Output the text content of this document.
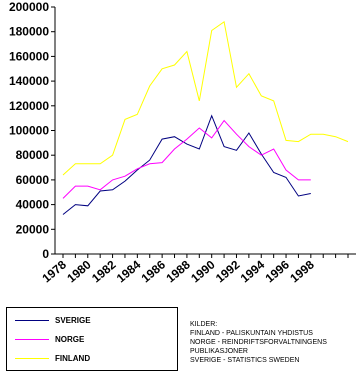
0
20000
40000
60000
80000
100000
120000
140000
160000
180000
200000
1978
1980
1982
1984
1986
1988
1990
1992
1994
1996
1998
SVERIGE
NORGE
FINLAND
KILDER:
FINLAND - PALISKUNTAIN YHDISTUS
NORGE - REINDRIFTSFORVALTNINGENS
PUBLIKASJONER
SVERIGE - STATISTICS SWEDEN
